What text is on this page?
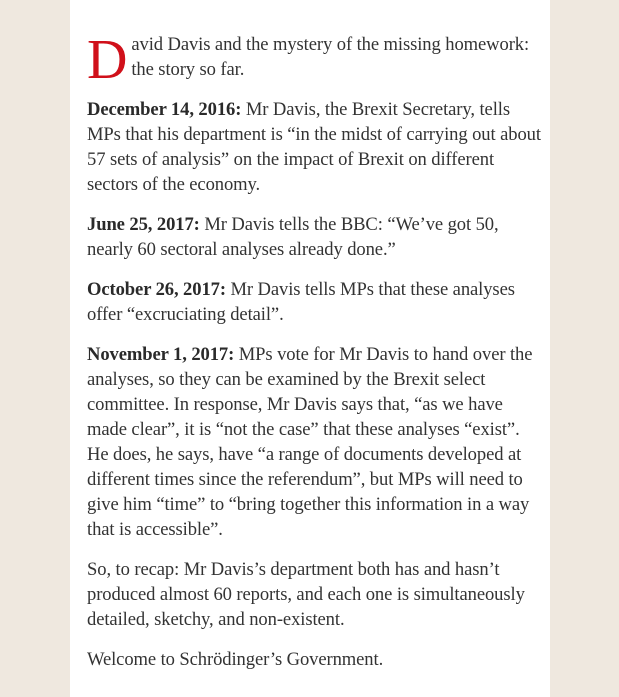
David Davis and the mystery of the missing homework: the story so far.

December 14, 2016: Mr Davis, the Brexit Secretary, tells MPs that his department is “in the midst of carrying out about 57 sets of analysis” on the impact of Brexit on different sectors of the economy.

June 25, 2017: Mr Davis tells the BBC: “We’ve got 50, nearly 60 sectoral analyses already done.”

October 26, 2017: Mr Davis tells MPs that these analyses offer “excruciating detail”.

November 1, 2017: MPs vote for Mr Davis to hand over the analyses, so they can be examined by the Brexit select committee. In response, Mr Davis says that, “as we have made clear”, it is “not the case” that these analyses “exist”. He does, he says, have “a range of documents developed at different times since the referendum”, but MPs will need to give him “time” to “bring together this information in a way that is accessible”.

So, to recap: Mr Davis’s department both has and hasn’t produced almost 60 reports, and each one is simultaneously detailed, sketchy, and non-existent.

Welcome to Schrödinger’s Government.
